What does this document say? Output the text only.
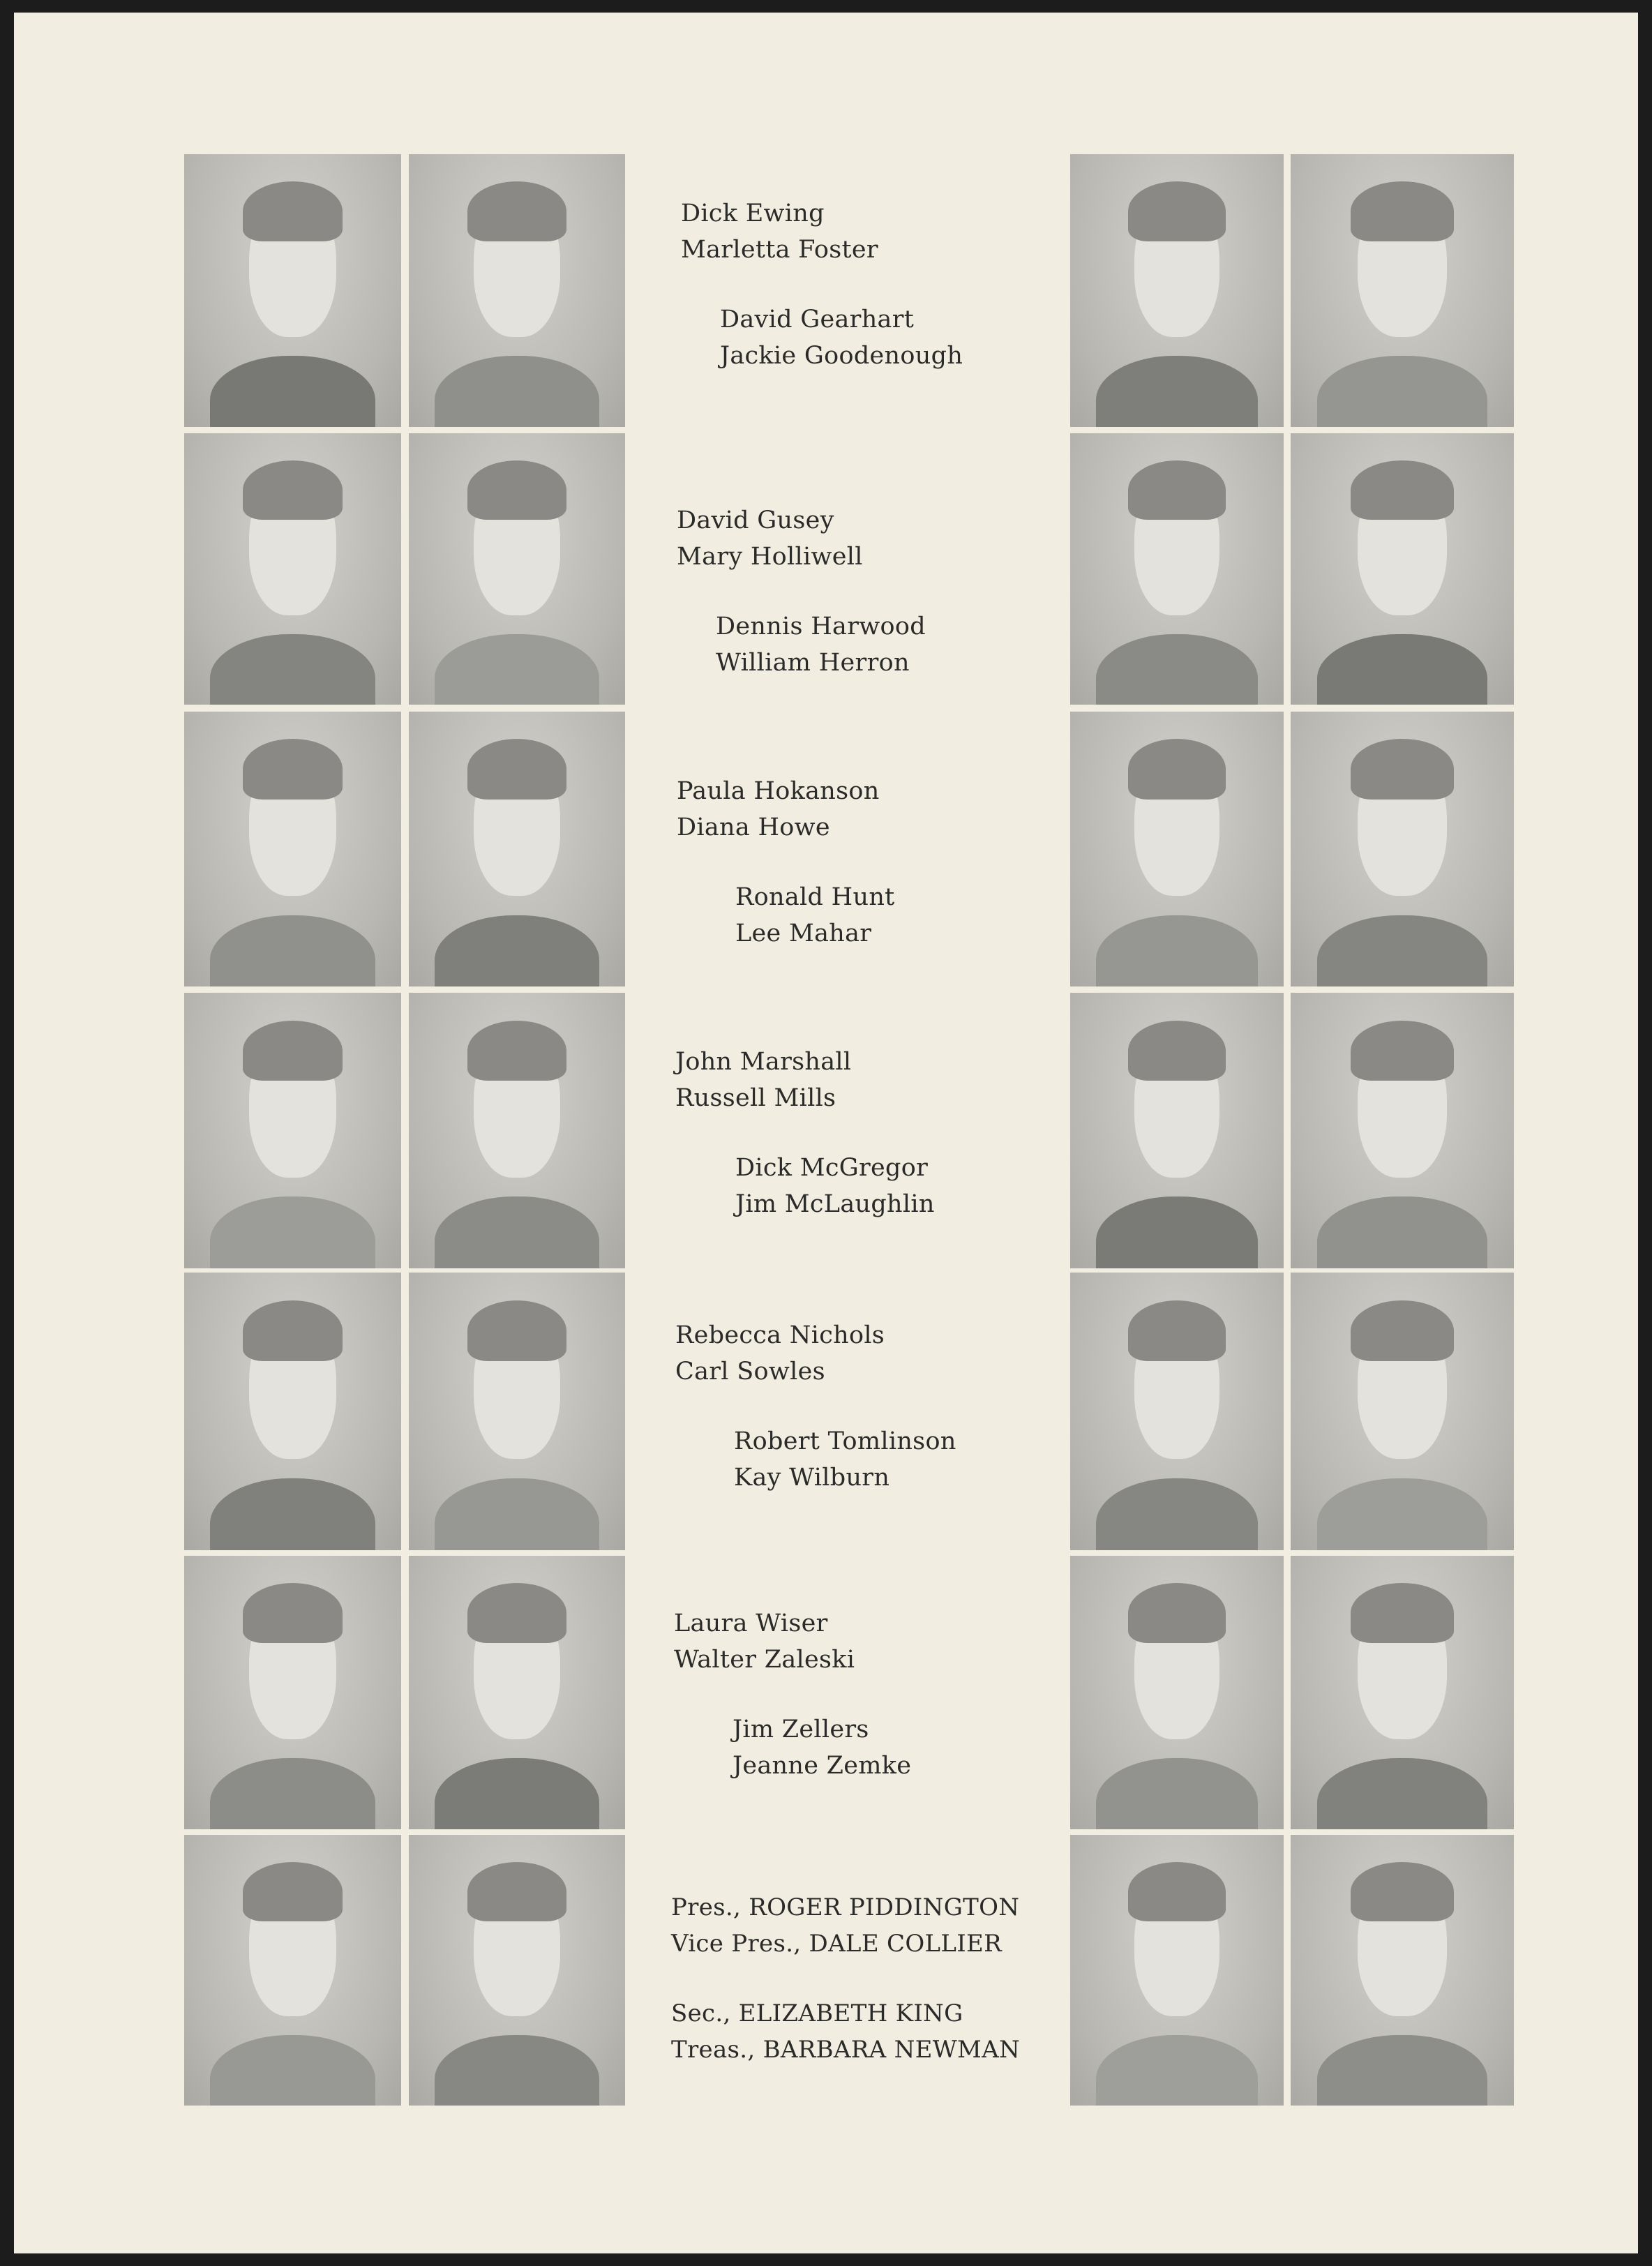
Dick Ewing
Marletta Foster
David Gearhart
Jackie Goodenough
David Gusey
Mary Holliwell
Dennis Harwood
William Herron
Paula Hokanson
Diana Howe
Ronald Hunt
Lee Mahar
John Marshall
Russell Mills
Dick McGregor
Jim McLaughlin
Rebecca Nichols
Carl Sowles
Robert Tomlinson
Kay Wilburn
Laura Wiser
Walter Zaleski
Jim Zellers
Jeanne Zemke
Pres., ROGER PIDDINGTON
Vice Pres., DALE COLLIER
Sec., ELIZABETH KING
Treas., BARBARA NEWMAN
